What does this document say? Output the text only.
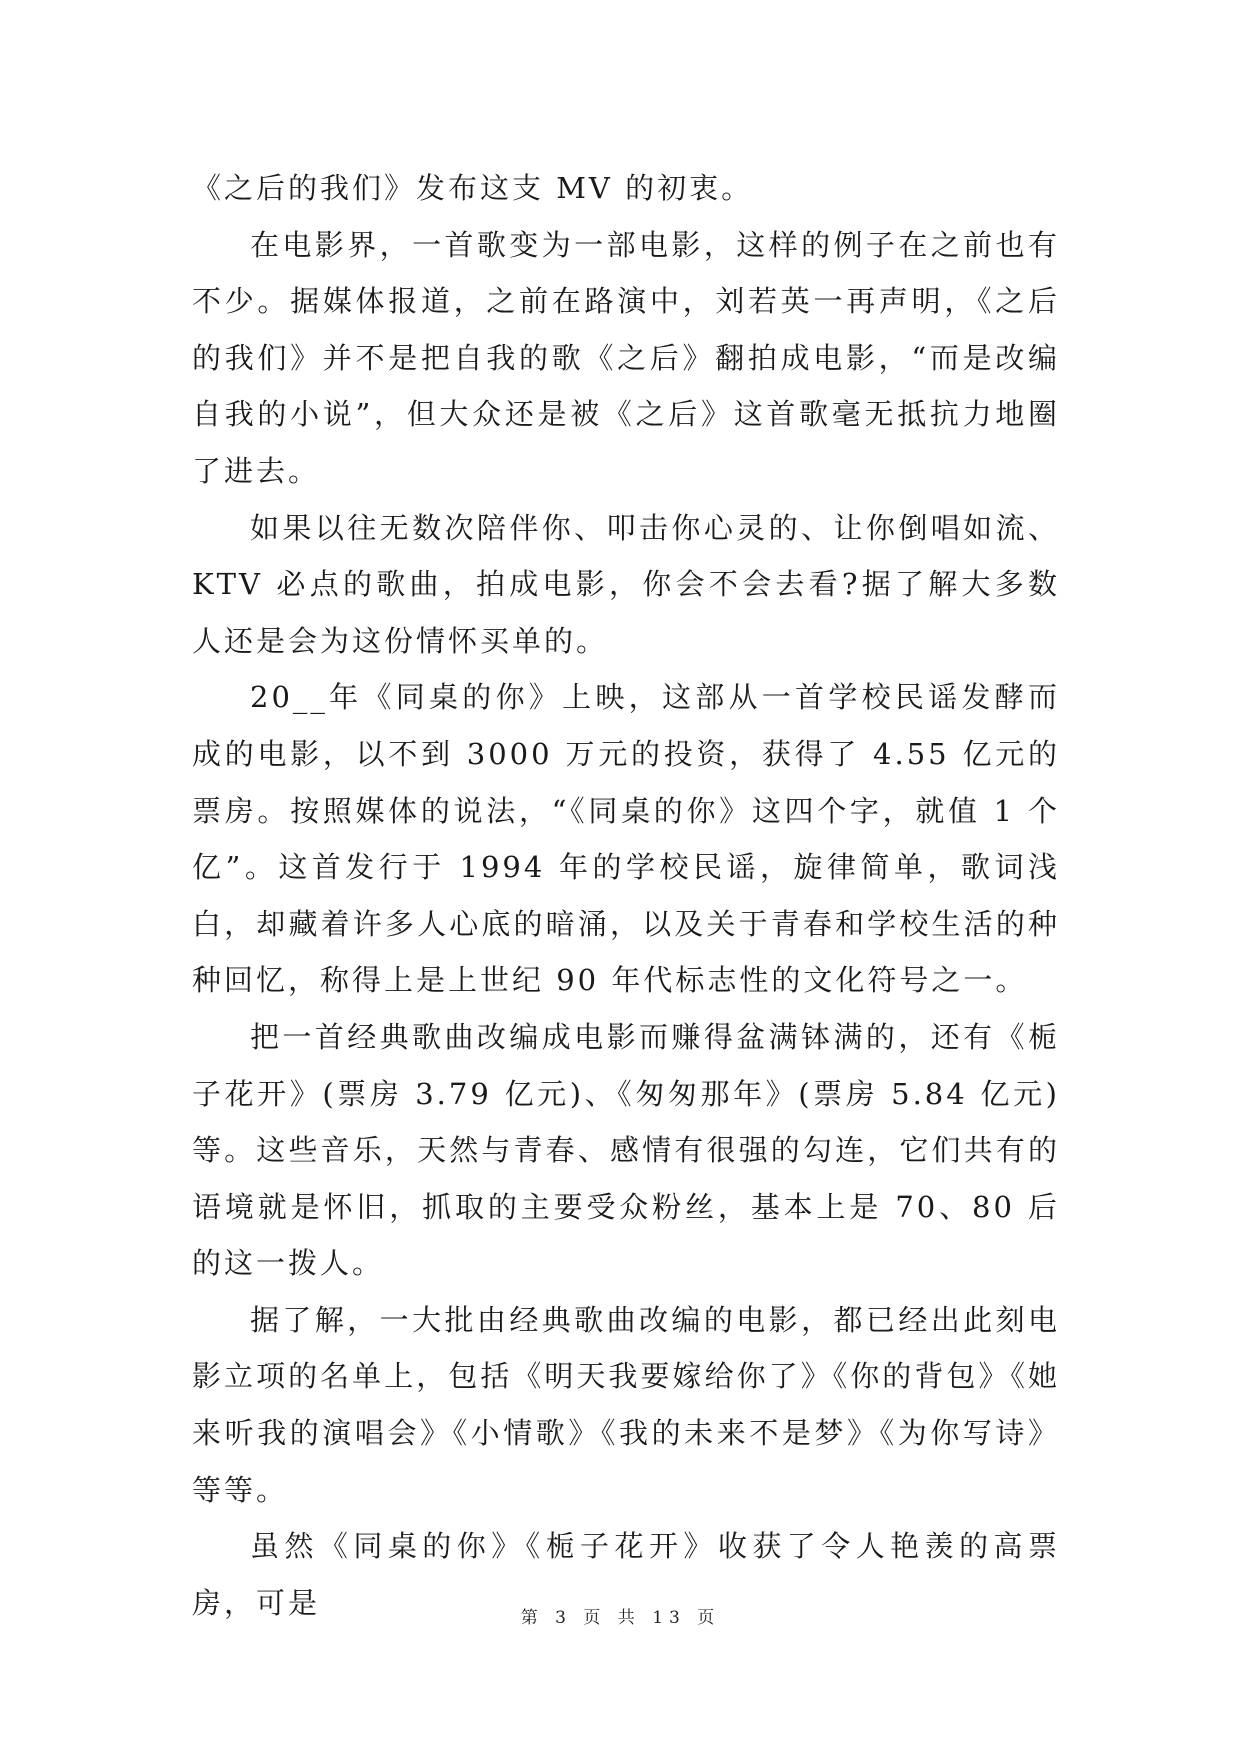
《之后的我们》发布这支 MV 的初衷。

在电影界，一首歌变为一部电影，这样的例子在之前也有不少。据媒体报道，之前在路演中，刘若英一再声明，《之后的我们》并不是把自我的歌《之后》翻拍成电影，“而是改编自我的小说”，但大众还是被《之后》这首歌毫无抵抗力地圈了进去。

如果以往无数次陪伴你、叩击你心灵的、让你倒唱如流、KTV 必点的歌曲，拍成电影，你会不会去看?据了解大多数人还是会为这份情怀买单的。

20__年《同桌的你》上映，这部从一首学校民谣发酵而成的电影，以不到 3000 万元的投资，获得了 4.55 亿元的票房。按照媒体的说法，“《同桌的你》这四个字，就值 1 个亿”。这首发行于 1994 年的学校民谣，旋律简单，歌词浅白，却藏着许多人心底的暗涌，以及关于青春和学校生活的种种回忆，称得上是上世纪 90 年代标志性的文化符号之一。

把一首经典歌曲改编成电影而赚得盆满钵满的，还有《栀子花开》(票房 3.79 亿元)、《匆匆那年》(票房 5.84 亿元)等。这些音乐，天然与青春、感情有很强的勾连，它们共有的语境就是怀旧，抓取的主要受众粉丝，基本上是 70、80 后的这一拨人。

据了解，一大批由经典歌曲改编的电影，都已经出此刻电影立项的名单上，包括《明天我要嫁给你了》《你的背包》《她来听我的演唱会》《小情歌》《我的未来不是梦》《为你写诗》等等。

虽然《同桌的你》《栀子花开》收获了令人艳羡的高票房，可是	第 3 页 共 13 页
